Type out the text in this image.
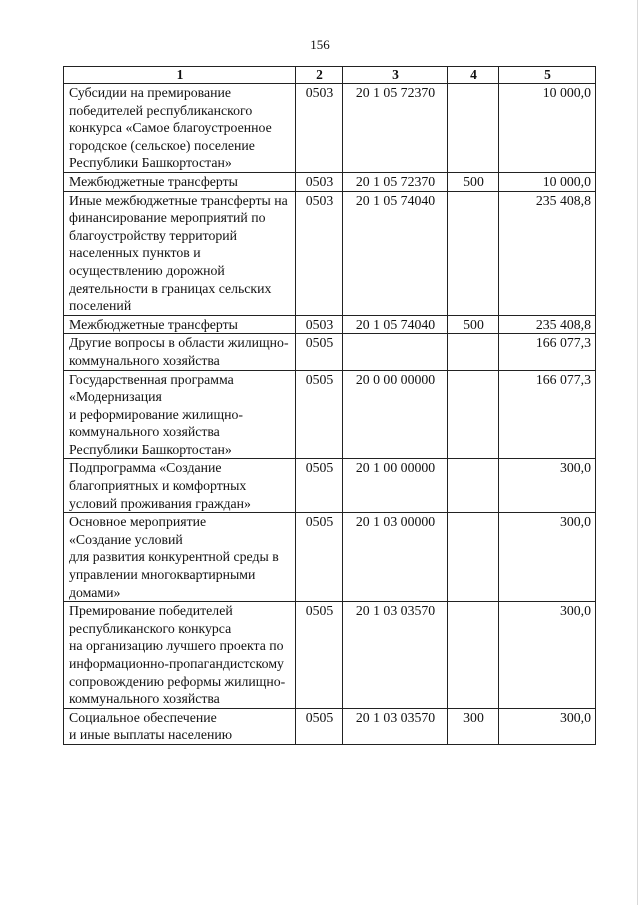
156
1	2	3	4	5
Субсидии на премирование победителей республиканского конкурса «Самое благоустроенное городское (сельское) поселение Республики Башкортостан»	0503	20 1 05 72370		10 000,0
Межбюджетные трансферты	0503	20 1 05 72370	500	10 000,0
Иные межбюджетные трансферты на финансирование мероприятий по благоустройству территорий населенных пунктов и осуществлению дорожной деятельности в границах сельских поселений	0503	20 1 05 74040		235 408,8
Межбюджетные трансферты	0503	20 1 05 74040	500	235 408,8
Другие вопросы в области жилищно-коммунального хозяйства	0505			166 077,3
Государственная программа «Модернизация
и реформирование жилищно-коммунального хозяйства Республики Башкортостан»	0505	20 0 00 00000		166 077,3
Подпрограмма «Создание благоприятных и комфортных условий проживания граждан»	0505	20 1 00 00000		300,0
Основное мероприятие
«Создание условий
для развития конкурентной среды в управлении многоквартирными домами»	0505	20 1 03 00000		300,0
Премирование победителей республиканского конкурса
на организацию лучшего проекта по информационно-пропагандистскому сопровождению реформы жилищно-коммунального хозяйства	0505	20 1 03 03570		300,0
Социальное обеспечение
и иные выплаты населению	0505	20 1 03 03570	300	300,0
